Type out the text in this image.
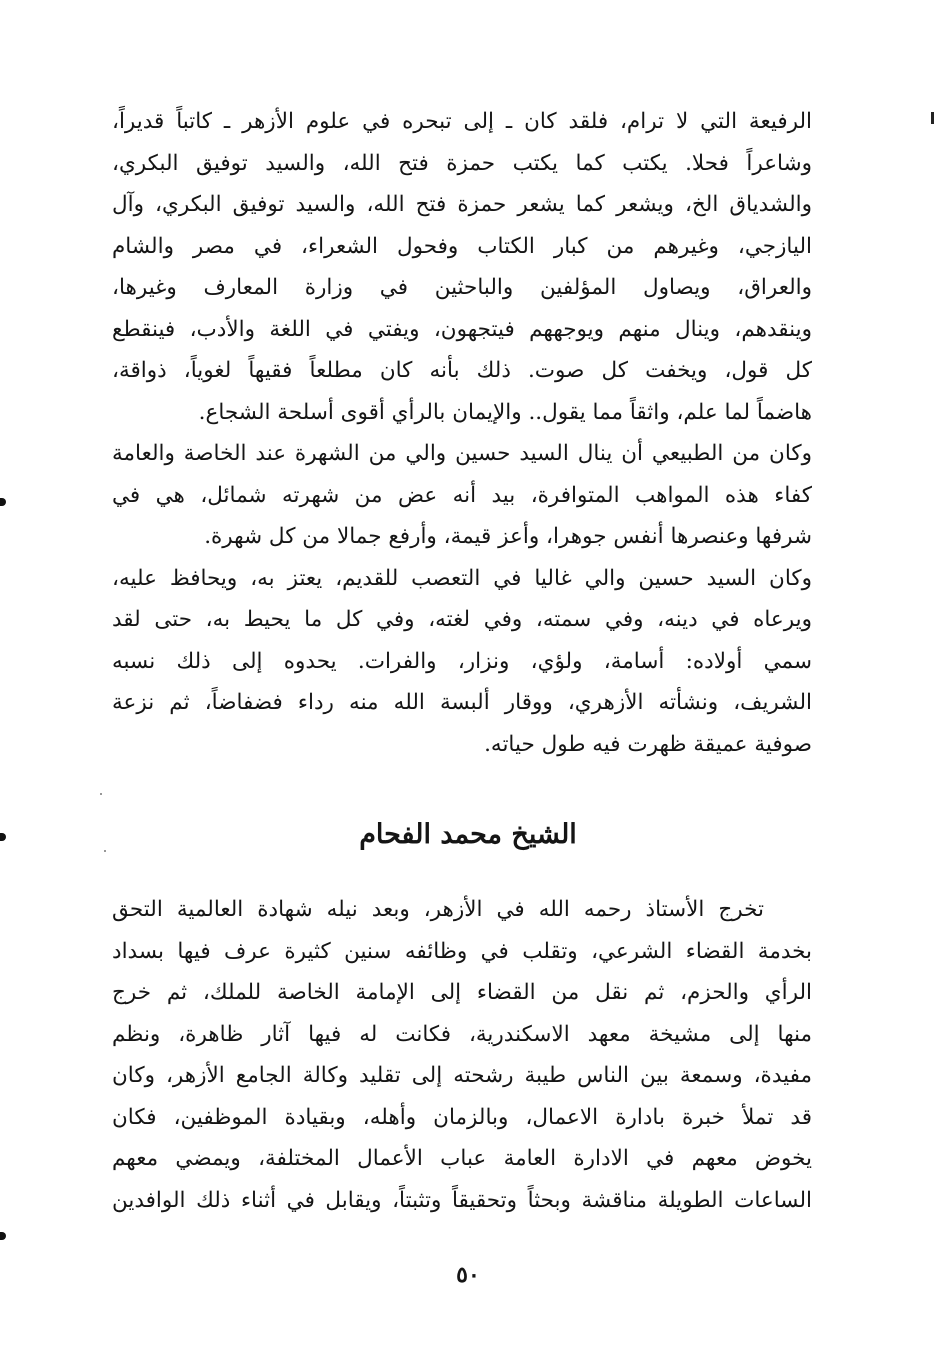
الرفيعة التي لا ترام، فلقد كان ـ إلى تبحره في علوم الأزهر ـ كاتباً قديراً،
وشاعراً فحلا. يكتب كما يكتب حمزة فتح الله، والسيد توفيق البكري،
والشدياق الخ، ويشعر كما يشعر حمزة فتح الله، والسيد توفيق البكري، وآل
اليازجي، وغيرهم من كبار الكتاب وفحول الشعراء، في مصر والشام
والعراق، ويصاول المؤلفين والباحثين في وزارة المعارف وغيرها،
وينقدهم، وينال منهم ويوجههم فيتجهون، ويفتي في اللغة والأدب، فينقطع
كل قول، ويخفت كل صوت. ذلك بأنه كان مطلعاً فقيهاً لغوياً، ذواقة،
هاضماً لما علم، واثقاً مما يقول.. والإيمان بالرأي أقوى أسلحة الشجاع.
وكان من الطبيعي أن ينال السيد حسين والي من الشهرة عند الخاصة والعامة
كفاء هذه المواهب المتوافرة، بيد أنه عض من شهرته شمائل، هي في
شرفها وعنصرها أنفس جوهرا، وأعز قيمة، وأرفع جمالا من كل شهرة.
وكان السيد حسين والي غاليا في التعصب للقديم، يعتز به، ويحافظ عليه،
ويرعاه في دينه، وفي سمته، وفي لغته، وفي كل ما يحيط به، حتى لقد
سمي أولاده: أسامة، ولؤي، ونزار، والفرات. يحدوه إلى ذلك نسبه
الشريف، ونشأته الأزهري، ووقار ألبسة الله منه رداء فضفاضاً، ثم نزعة
صوفية عميقة ظهرت فيه طول حياته.
الشيخ محمد الفحام
تخرج الأستاذ رحمه الله في الأزهر، وبعد نيله شهادة العالمية التحق
بخدمة القضاء الشرعي، وتقلب في وظائفه سنين كثيرة عرف فيها بسداد
الرأي والحزم، ثم نقل من القضاء إلى الإمامة الخاصة للملك، ثم خرج
منها إلى مشيخة معهد الاسكندرية، فكانت له فيها آثار ظاهرة، ونظم
مفيدة، وسمعة بين الناس طيبة رشحته إلى تقليد وكالة الجامع الأزهر، وكان
قد تملأ خبرة بادارة الاعمال، وبالزمان وأهله، وبقيادة الموظفين، فكان
يخوض معهم في الادارة العامة عباب الأعمال المختلفة، ويمضي معهم
الساعات الطويلة مناقشة وبحثاً وتحقيقاً وتثبتاً، ويقابل في أثناء ذلك الوافدين
٥٠
